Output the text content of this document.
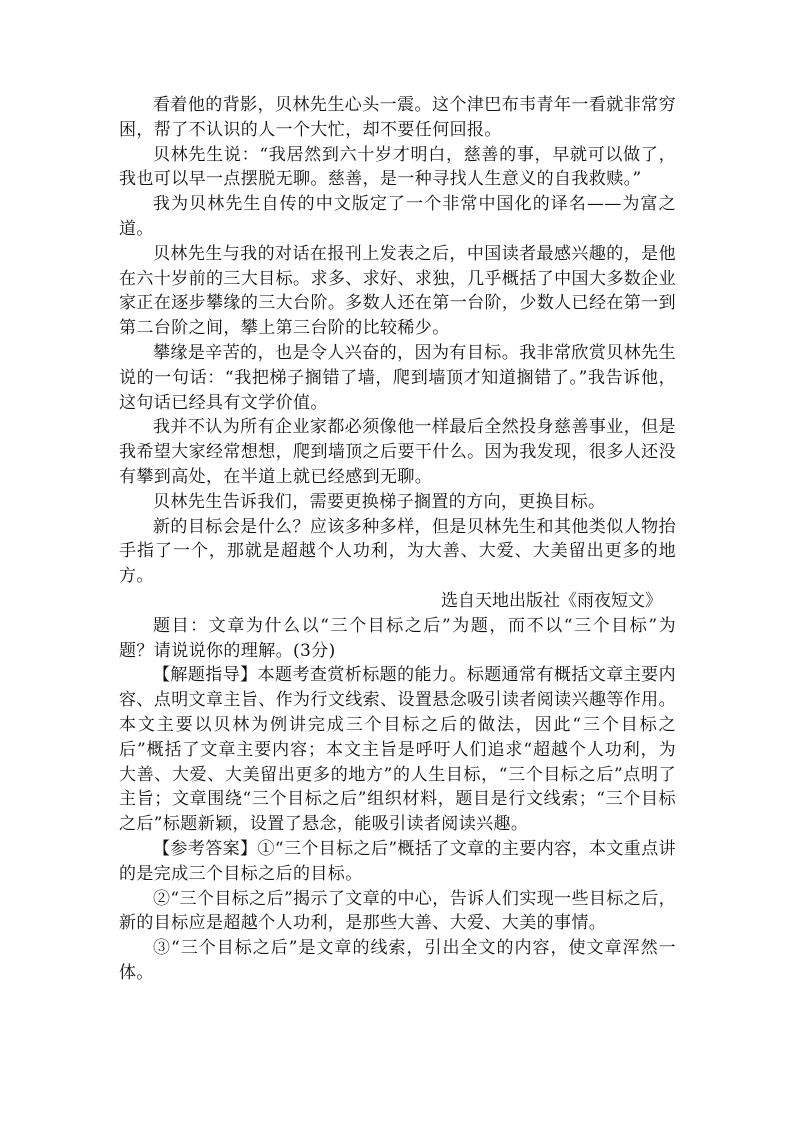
看着他的背影，贝林先生心头一震。这个津巴布韦青年一看就非常穷困，帮了不认识的人一个大忙，却不要任何回报。

贝林先生说：“我居然到六十岁才明白，慈善的事，早就可以做了，我也可以早一点摆脱无聊。慈善，是一种寻找人生意义的自我救赎。”

我为贝林先生自传的中文版定了一个非常中国化的译名——为富之道。

贝林先生与我的对话在报刊上发表之后，中国读者最感兴趣的，是他在六十岁前的三大目标。求多、求好、求独，几乎概括了中国大多数企业家正在逐步攀缘的三大台阶。多数人还在第一台阶，少数人已经在第一到第二台阶之间，攀上第三台阶的比较稀少。

攀缘是辛苦的，也是令人兴奋的，因为有目标。我非常欣赏贝林先生说的一句话：“我把梯子搁错了墙，爬到墙顶才知道搁错了。”我告诉他，这句话已经具有文学价值。

我并不认为所有企业家都必须像他一样最后全然投身慈善事业，但是我希望大家经常想想，爬到墙顶之后要干什么。因为我发现，很多人还没有攀到高处，在半道上就已经感到无聊。

贝林先生告诉我们，需要更换梯子搁置的方向，更换目标。

新的目标会是什么？应该多种多样，但是贝林先生和其他类似人物抬手指了一个，那就是超越个人功利，为大善、大爱、大美留出更多的地方。

选自天地出版社《雨夜短文》

题目：文章为什么以“三个目标之后”为题，而不以“三个目标”为题？请说说你的理解。(3分)

【解题指导】本题考查赏析标题的能力。标题通常有概括文章主要内容、点明文章主旨、作为行文线索、设置悬念吸引读者阅读兴趣等作用。本文主要以贝林为例讲完成三个目标之后的做法，因此“三个目标之后”概括了文章主要内容；本文主旨是呼吁人们追求“超越个人功利，为大善、大爱、大美留出更多的地方”的人生目标，“三个目标之后”点明了主旨；文章围绕“三个目标之后”组织材料，题目是行文线索；“三个目标之后”标题新颖，设置了悬念，能吸引读者阅读兴趣。

【参考答案】①“三个目标之后”概括了文章的主要内容，本文重点讲的是完成三个目标之后的目标。

②“三个目标之后”揭示了文章的中心，告诉人们实现一些目标之后，新的目标应是超越个人功利，是那些大善、大爱、大美的事情。

③“三个目标之后”是文章的线索，引出全文的内容，使文章浑然一体。
